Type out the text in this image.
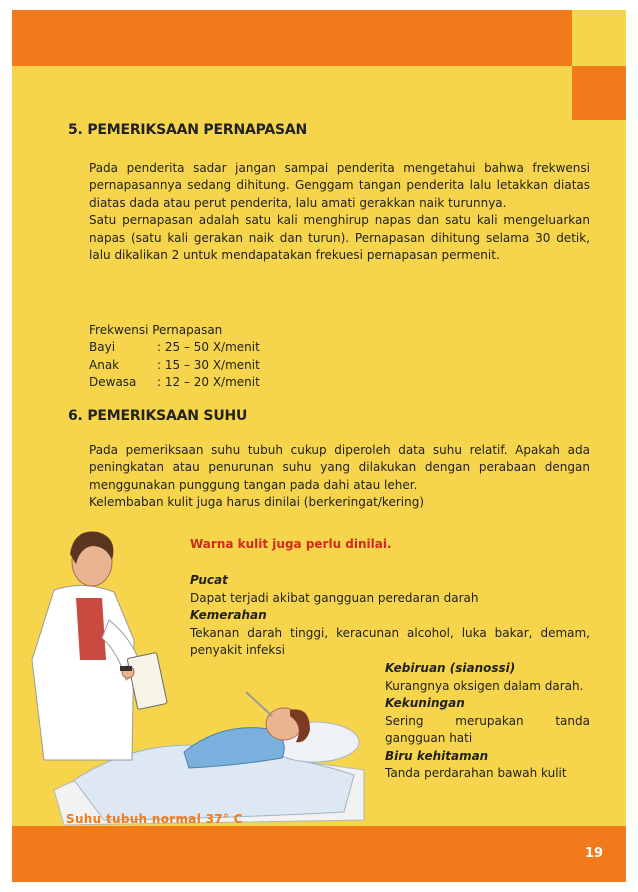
19
5. PEMERIKSAAN PERNAPASAN

Pada penderita sadar jangan sampai penderita mengetahui bahwa frekwensi pernapasannya sedang dihitung. Genggam tangan penderita lalu letakkan diatas diatas dada atau perut penderita, lalu amati gerakkan naik turunnya.

Satu pernapasan adalah satu kali menghirup napas dan satu kali mengeluarkan napas (satu kali gerakan naik dan turun). Pernapasan dihitung selama 30 detik, lalu dikalikan 2 untuk mendapatakan frekuesi pernapasan permenit.

Frekwensi Pernapasan
Bayi	: 25 – 50 X/menit
Anak	: 15 – 30 X/menit
Dewasa : 12 – 20 X/menit
6. PEMERIKSAAN SUHU

Pada pemeriksaan suhu tubuh cukup diperoleh data suhu relatif. Apakah ada peningkatan atau penurunan suhu yang dilakukan dengan perabaan dengan menggunakan punggung tangan pada dahi atau leher.

Kelembaban kulit juga harus dinilai (berkeringat/kering)

Warna kulit juga perlu dinilai.
Pucat
Dapat terjadi akibat gangguan peredaran darah
Kemerahan
Tekanan darah tinggi, keracunan alcohol, luka bakar, demam, penyakit infeksi
Kebiruan (sianossi)
Kurangnya oksigen dalam darah.
Kekuningan
Sering merupakan tanda gangguan hati
Biru kehitaman
Tanda perdarahan bawah kulit
Suhu tubuh normal 37° C
